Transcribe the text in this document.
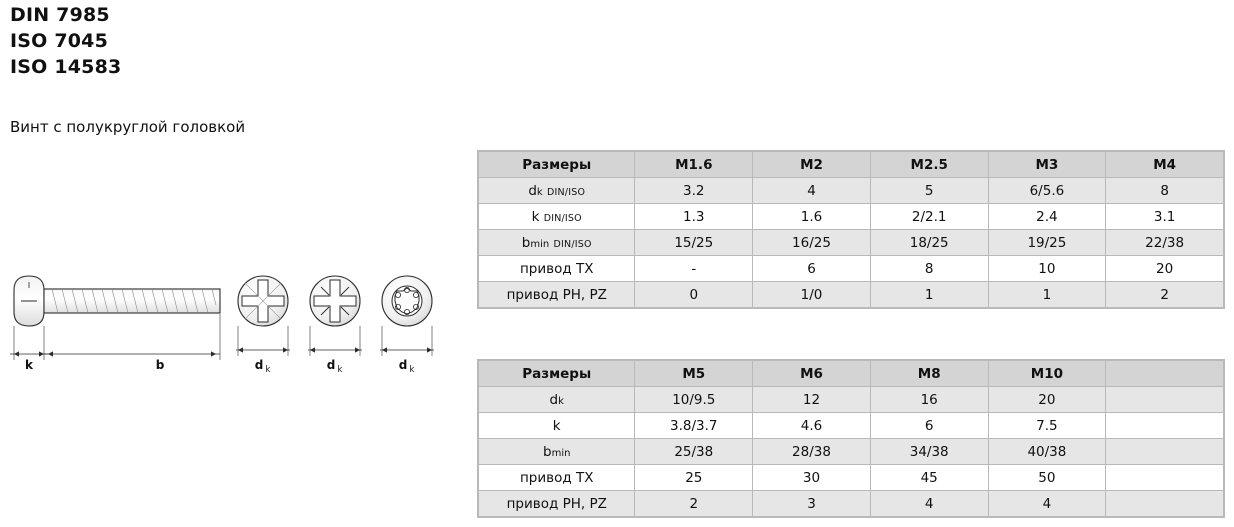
DIN 7985
ISO 7045
ISO 14583
Винт с полукруглой головкой
k	b	d k	d k	d k
Размеры	M1.6	M2	M2.5	M3	M4
dk DIN/ISO	3.2	4	5	6/5.6	8
k DIN/ISO	1.3	1.6	2/2.1	2.4	3.1
bmin DIN/ISO	15/25	16/25	18/25	19/25	22/38
привод TX	-	6	8	10	20
привод PH, PZ	0	1/0	1	1	2
Размеры	M5	M6	M8	M10	
dk	10/9.5	12	16	20	
k	3.8/3.7	4.6	6	7.5	
bmin	25/38	28/38	34/38	40/38	
привод TX	25	30	45	50	
привод PH, PZ	2	3	4	4	
